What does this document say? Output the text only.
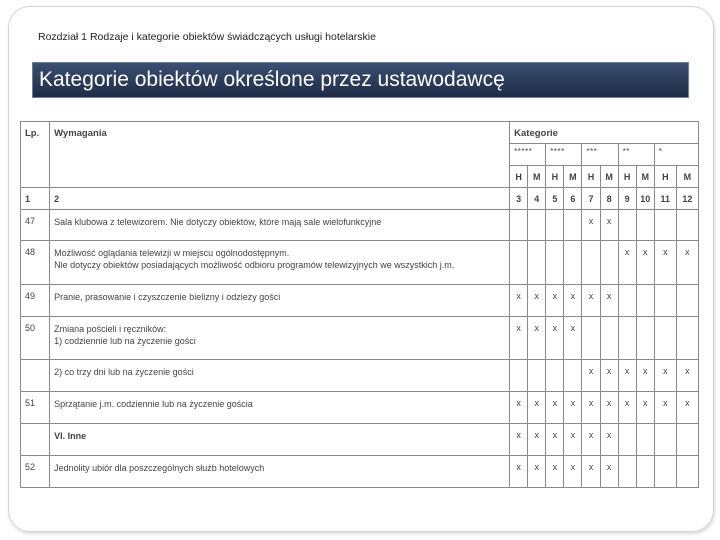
Rozdział 1 Rodzaje i kategorie obiektów świadczących usługi hotelarskie
Kategorie obiektów określone przez ustawodawcę
Lp.	Wymagania	Kategorie									
		*****		****		***		**		*	
		H	M	H	M	H	M	H	M	H	M
1	2	3	4	5	6	7	8	9	10	11	12
47	Sala klubowa z telewizorem. Nie dotyczy obiektów, które mają sale wielofunkcyjne					x	x				
48	Możliwość oglądania telewizji w miejscu ogólnodostępnym.
Nie dotyczy obiektów posiadających możliwość odbioru programów telewizyjnych we wszystkich j.m.							x	x	x	x
49	Pranie, prasowanie i czyszczenie bielizny i odzieży gości	x	x	x	x	x	x				
50	Zmiana pościeli i ręczników:
1) codziennie lub na życzenie gości	x	x	x	x						

	2) co trzy dni lub na życzenie gości					x	x	x	x	x	x
51	Sprzątanie j.m. codziennie lub na życzenie gościa	x	x	x	x	x	x	x	x	x	x

	VI. Inne	x	x	x	x	x	x				
52	Jednolity ubiór dla poszczególnych służb hotelowych	x	x	x	x	x	x				
